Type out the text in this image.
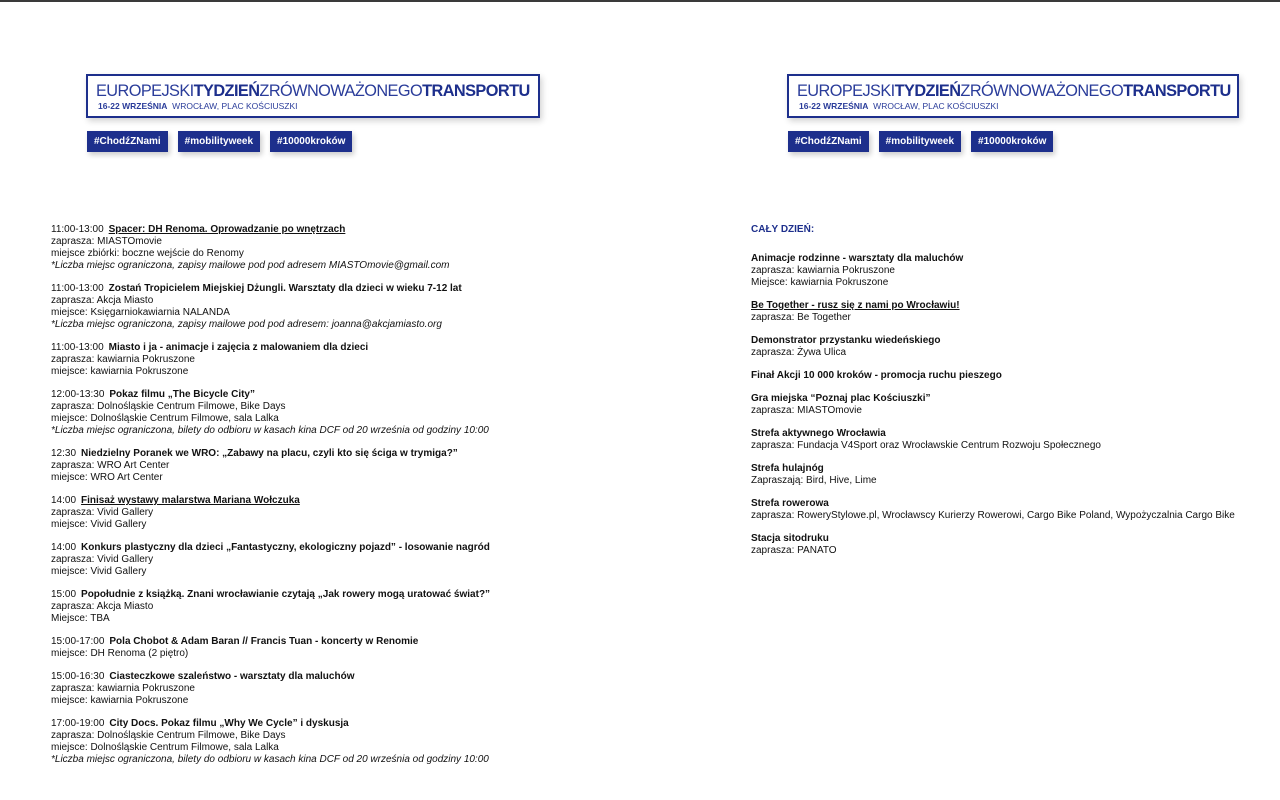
EUROPEJSKITYDZIEŃZRÓWNOWAŻONEGOTRANSPORTU
16-22 WRZEŚNIA WROCŁAW, PLAC KOŚCIUSZKI
#ChodźZNami	#mobilityweek	#10000kroków
11:00-13:00 Spacer: DH Renoma. Oprowadzanie po wnętrzach
zaprasza: MIASTOmovie
miejsce zbiórki: boczne wejście do Renomy
*Liczba miejsc ograniczona, zapisy mailowe pod pod adresem MIASTOmovie@gmail.com
11:00-13:00 Zostań Tropicielem Miejskiej Dżungli. Warsztaty dla dzieci w wieku 7-12 lat
zaprasza: Akcja Miasto
miejsce: Księgarniokawiarnia NALANDA
*Liczba miejsc ograniczona, zapisy mailowe pod pod adresem: joanna@akcjamiasto.org
11:00-13:00 Miasto i ja - animacje i zajęcia z malowaniem dla dzieci
zaprasza: kawiarnia Pokruszone
miejsce: kawiarnia Pokruszone
12:00-13:30 Pokaz filmu „The Bicycle City”
zaprasza: Dolnośląskie Centrum Filmowe, Bike Days
miejsce: Dolnośląskie Centrum Filmowe, sala Lalka
*Liczba miejsc ograniczona, bilety do odbioru w kasach kina DCF od 20 września od godziny 10:00
12:30 Niedzielny Poranek we WRO: „Zabawy na placu, czyli kto się ściga w trymiga?”
zaprasza: WRO Art Center
miejsce: WRO Art Center
14:00 Finisaż wystawy malarstwa Mariana Wołczuka
zaprasza: Vivid Gallery
miejsce: Vivid Gallery
14:00 Konkurs plastyczny dla dzieci „Fantastyczny, ekologiczny pojazd” - losowanie nagród
zaprasza: Vivid Gallery
miejsce: Vivid Gallery
15:00 Popołudnie z książką. Znani wrocławianie czytają „Jak rowery mogą uratować świat?”
zaprasza: Akcja Miasto
Miejsce: TBA
15:00-17:00 Pola Chobot & Adam Baran // Francis Tuan - koncerty w Renomie
miejsce: DH Renoma (2 piętro)
15:00-16:30 Ciasteczkowe szaleństwo - warsztaty dla maluchów
zaprasza: kawiarnia Pokruszone
miejsce: kawiarnia Pokruszone
17:00-19:00 City Docs. Pokaz filmu „Why We Cycle” i dyskusja
zaprasza: Dolnośląskie Centrum Filmowe, Bike Days
miejsce: Dolnośląskie Centrum Filmowe, sala Lalka
*Liczba miejsc ograniczona, bilety do odbioru w kasach kina DCF od 20 września od godziny 10:00
EUROPEJSKITYDZIEŃZRÓWNOWAŻONEGOTRANSPORTU
16-22 WRZEŚNIA WROCŁAW, PLAC KOŚCIUSZKI
#ChodźZNami	#mobilityweek	#10000kroków
CAŁY DZIEŃ:
Animacje rodzinne - warsztaty dla maluchów
zaprasza: kawiarnia Pokruszone
Miejsce: kawiarnia Pokruszone
Be Together - rusz się z nami po Wrocławiu!
zaprasza: Be Together
Demonstrator przystanku wiedeńskiego
zaprasza: Żywa Ulica
Finał Akcji 10 000 kroków - promocja ruchu pieszego
Gra miejska “Poznaj plac Kościuszki”
zaprasza: MIASTOmovie
Strefa aktywnego Wrocławia
zaprasza: Fundacja V4Sport oraz Wrocławskie Centrum Rozwoju Społecznego
Strefa hulajnóg
Zapraszają: Bird, Hive, Lime
Strefa rowerowa
zaprasza: RoweryStylowe.pl, Wrocławscy Kurierzy Rowerowi, Cargo Bike Poland, Wypożyczalnia Cargo Bike
Stacja sitodruku
zaprasza: PANATO
